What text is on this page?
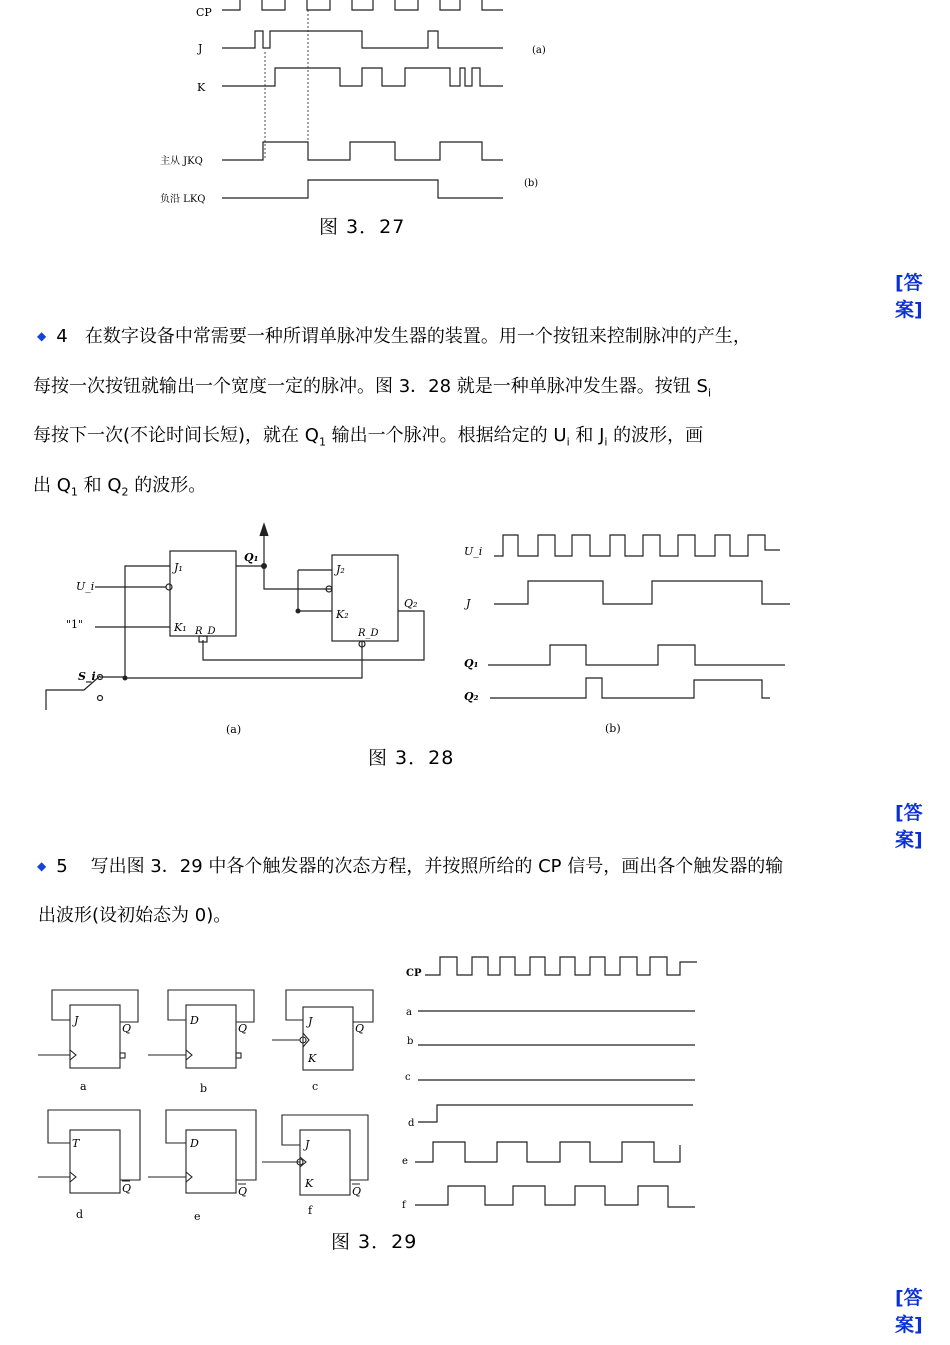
CP
J
K
主从 JKQ
负沿 LKQ
(a)
(b)
图 3．27
[答案]
◆ 4 在数字设备中常需要一种所谓单脉冲发生器的装置。用一个按钮来控制脉冲的产生，
每按一次按钮就输出一个宽度一定的脉冲。图 3．28 就是一种单脉冲发生器。按钮 $S_i$
每按下一次(不论时间长短)，就在 $Q_1$ 输出一个脉冲。根据给定的 $U_i$ 和 $J_i$ 的波形，画
出 $Q_1$ 和 $Q_2$ 的波形。
J₁
K₁ R_D
Q₁
J₂
K₂
R_D
Q₂
U_i
"1"
S_i
(a)
U_i
J
Q₁
Q₂
(b)
图 3．28
[答案]
◆ 5 写出图 3．29 中各个触发器的次态方程，并按照所给的 CP 信号，画出各个触发器的输
出波形(设初始态为 0)。
J
Q
D
Q
J
K
Q
T
Q
D
Q
J
K
Q
a	b	c
d	e	f
CP
a
b
c
d
e
f
图 3．29
[答案]
